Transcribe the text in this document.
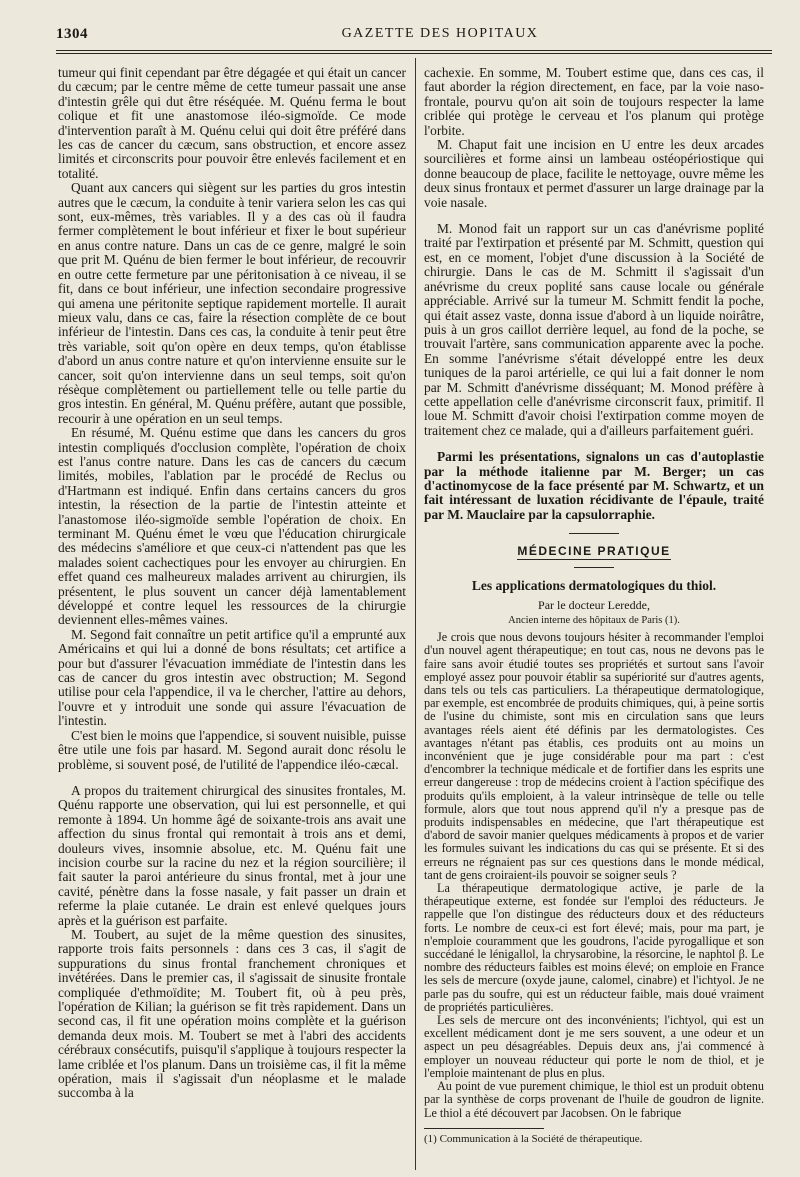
1304	GAZETTE DES HOPITAUX

tumeur qui finit cependant par être dégagée et qui était un cancer du cæcum; par le centre même de cette tumeur passait une anse d'intestin grêle qui dut être réséquée. M. Quénu ferma le bout colique et fit une anastomose iléo-sigmoïde. Ce mode d'intervention paraît à M. Quénu celui qui doit être préféré dans les cas de cancer du cæcum, sans obstruction, et encore assez limités et circonscrits pour pouvoir être enlevés facilement et en totalité.

Quant aux cancers qui siègent sur les parties du gros intestin autres que le cæcum, la conduite à tenir variera selon les cas qui sont, eux-mêmes, très variables. Il y a des cas où il faudra fermer complètement le bout inférieur et fixer le bout supérieur en anus contre nature. Dans un cas de ce genre, malgré le soin que prit M. Quénu de bien fermer le bout inférieur, de recouvrir en outre cette fermeture par une péritonisation à ce niveau, il se fit, dans ce bout inférieur, une infection secondaire progressive qui amena une péritonite septique rapidement mortelle. Il aurait mieux valu, dans ce cas, faire la résection complète de ce bout inférieur de l'intestin. Dans ces cas, la conduite à tenir peut être très variable, soit qu'on opère en deux temps, qu'on établisse d'abord un anus contre nature et qu'on intervienne ensuite sur le cancer, soit qu'on intervienne dans un seul temps, soit qu'on résèque complètement ou partiellement telle ou telle partie du gros intestin. En général, M. Quénu préfère, autant que possible, recourir à une opération en un seul temps.

En résumé, M. Quénu estime que dans les cancers du gros intestin compliqués d'occlusion complète, l'opération de choix est l'anus contre nature. Dans les cas de cancers du cæcum limités, mobiles, l'ablation par le procédé de Reclus ou d'Hartmann est indiqué. Enfin dans certains cancers du gros intestin, la résection de la partie de l'intestin atteinte et l'anastomose iléo-sigmoïde semble l'opération de choix. En terminant M. Quénu émet le vœu que l'éducation chirurgicale des médecins s'améliore et que ceux-ci n'attendent pas que les malades soient cachectiques pour les envoyer au chirurgien. En effet quand ces malheureux malades arrivent au chirurgien, ils présentent, le plus souvent un cancer déjà lamentablement développé et contre lequel les ressources de la chirurgie deviennent elles-mêmes vaines.

M. Segond fait connaître un petit artifice qu'il a emprunté aux Américains et qui lui a donné de bons résultats; cet artifice a pour but d'assurer l'évacuation immédiate de l'intestin dans les cas de cancer du gros intestin avec obstruction; M. Segond utilise pour cela l'appendice, il va le chercher, l'attire au dehors, l'ouvre et y introduit une sonde qui assure l'évacuation de l'intestin.

C'est bien le moins que l'appendice, si souvent nuisible, puisse être utile une fois par hasard. M. Segond aurait donc résolu le problème, si souvent posé, de l'utilité de l'appendice iléo-cæcal.

A propos du traitement chirurgical des sinusites frontales, M. Quénu rapporte une observation, qui lui est personnelle, et qui remonte à 1894. Un homme âgé de soixante-trois ans avait une affection du sinus frontal qui remontait à trois ans et demi, douleurs vives, insomnie absolue, etc. M. Quénu fait une incision courbe sur la racine du nez et la région sourcilière; il fait sauter la paroi antérieure du sinus frontal, met à jour une cavité, pénètre dans la fosse nasale, y fait passer un drain et referme la plaie cutanée. Le drain est enlevé quelques jours après et la guérison est parfaite.

M. Toubert, au sujet de la même question des sinusites, rapporte trois faits personnels : dans ces 3 cas, il s'agit de suppurations du sinus frontal franchement chroniques et invétérées. Dans le premier cas, il s'agissait de sinusite frontale compliquée d'ethmoïdite; M. Toubert fit, où à peu près, l'opération de Kilian; la guérison se fit très rapidement. Dans un second cas, il fit une opération moins complète et la guérison demanda deux mois. M. Toubert se met à l'abri des accidents cérébraux consécutifs, puisqu'il s'applique à toujours respecter la lame criblée et l'os planum. Dans un troisième cas, il fit la même opération, mais il s'agissait d'un néoplasme et le malade succomba à la

cachexie. En somme, M. Toubert estime que, dans ces cas, il faut aborder la région directement, en face, par la voie naso-frontale, pourvu qu'on ait soin de toujours respecter la lame criblée qui protège le cerveau et l'os planum qui protège l'orbite.

M. Chaput fait une incision en U entre les deux arcades sourcilières et forme ainsi un lambeau ostéopériostique qui donne beaucoup de place, facilite le nettoyage, ouvre même les deux sinus frontaux et permet d'assurer un large drainage par la voie nasale.

M. Monod fait un rapport sur un cas d'anévrisme poplité traité par l'extirpation et présenté par M. Schmitt, question qui est, en ce moment, l'objet d'une discussion à la Société de chirurgie. Dans le cas de M. Schmitt il s'agissait d'un anévrisme du creux poplité sans cause locale ou générale appréciable. Arrivé sur la tumeur M. Schmitt fendit la poche, qui était assez vaste, donna issue d'abord à un liquide noirâtre, puis à un gros caillot derrière lequel, au fond de la poche, se trouvait l'artère, sans communication apparente avec la poche. En somme l'anévrisme s'était développé entre les deux tuniques de la paroi artérielle, ce qui lui a fait donner le nom par M. Schmitt d'anévrisme disséquant; M. Monod préfère à cette appellation celle d'anévrisme circonscrit faux, primitif. Il loue M. Schmitt d'avoir choisi l'extirpation comme moyen de traitement chez ce malade, qui a d'ailleurs parfaitement guéri.

Parmi les présentations, signalons un cas d'autoplastie par la méthode italienne par M. Berger; un cas d'actinomycose de la face présenté par M. Schwartz, et un fait intéressant de luxation récidivante de l'épaule, traité par M. Mauclaire par la capsulorraphie.

MÉDECINE PRATIQUE
Les applications dermatologiques du thiol.
Par le docteur Leredde,
Ancien interne des hôpitaux de Paris (1).

Je crois que nous devons toujours hésiter à recommander l'emploi d'un nouvel agent thérapeutique; en tout cas, nous ne devons pas le faire sans avoir étudié toutes ses propriétés et surtout sans l'avoir employé assez pour pouvoir établir sa supériorité sur d'autres agents, dans tels ou tels cas particuliers. La thérapeutique dermatologique, par exemple, est encombrée de produits chimiques, qui, à peine sortis de l'usine du chimiste, sont mis en circulation sans que leurs avantages réels aient été définis par les dermatologistes. Ces avantages n'étant pas établis, ces produits ont au moins un inconvénient que je juge considérable pour ma part : c'est d'encombrer la technique médicale et de fortifier dans les esprits une erreur dangereuse : trop de médecins croient à l'action spécifique des produits qu'ils emploient, à la valeur intrinsèque de telle ou telle formule, alors que tout nous apprend qu'il n'y a presque pas de produits indispensables en médecine, que l'art thérapeutique est d'abord de savoir manier quelques médicaments à propos et de varier les formules suivant les indications du cas qui se présente. Et si des erreurs ne régnaient pas sur ces questions dans le monde médical, tant de gens croiraient-ils pouvoir se soigner seuls ?

La thérapeutique dermatologique active, je parle de la thérapeutique externe, est fondée sur l'emploi des réducteurs. Je rappelle que l'on distingue des réducteurs doux et des réducteurs forts. Le nombre de ceux-ci est fort élevé; mais, pour ma part, je n'emploie couramment que les goudrons, l'acide pyrogallique et son succédané le lénigallol, la chrysarobine, la résorcine, le naphtol β. Le nombre des réducteurs faibles est moins élevé; on emploie en France les sels de mercure (oxyde jaune, calomel, cinabre) et l'ichtyol. Je ne parle pas du soufre, qui est un réducteur faible, mais doué vraiment de propriétés particulières.

Les sels de mercure ont des inconvénients; l'ichtyol, qui est un excellent médicament dont je me sers souvent, a une odeur et un aspect un peu désagréables. Depuis deux ans, j'ai commencé à employer un nouveau réducteur qui porte le nom de thiol, et je l'emploie maintenant de plus en plus.

Au point de vue purement chimique, le thiol est un produit obtenu par la synthèse de corps provenant de l'huile de goudron de lignite. Le thiol a été découvert par Jacobsen. On le fabrique

(1) Communication à la Société de thérapeutique.
